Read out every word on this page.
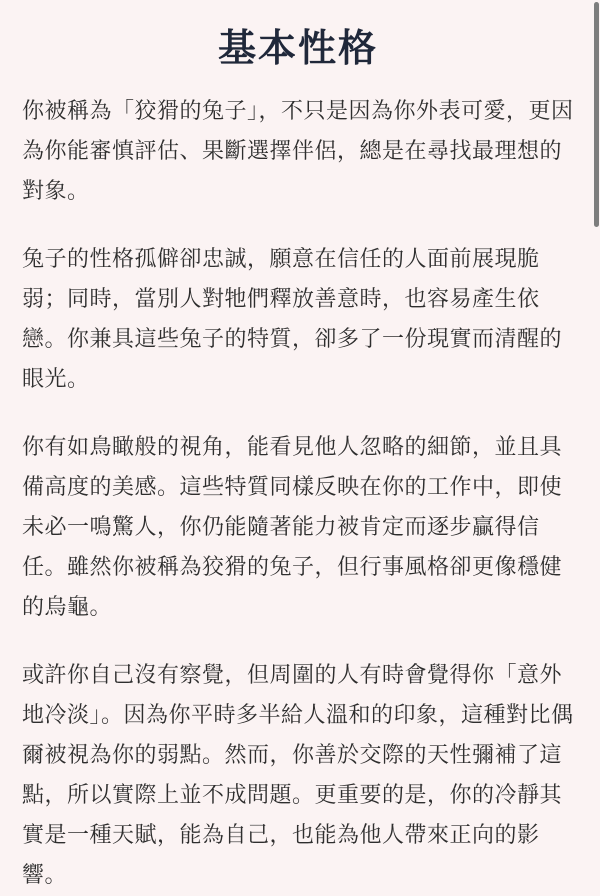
基本性格

你被稱為「狡猾的兔子」，不只是因為你外表可愛，更因為你能審慎評估、果斷選擇伴侶，總是在尋找最理想的對象。

兔子的性格孤僻卻忠誠，願意在信任的人面前展現脆弱；同時，當別人對牠們釋放善意時，也容易產生依戀。你兼具這些兔子的特質，卻多了一份現實而清醒的眼光。

你有如鳥瞰般的視角，能看見他人忽略的細節，並且具備高度的美感。這些特質同樣反映在你的工作中，即使未必一鳴驚人，你仍能隨著能力被肯定而逐步贏得信任。雖然你被稱為狡猾的兔子，但行事風格卻更像穩健的烏龜。

或許你自己沒有察覺，但周圍的人有時會覺得你「意外地冷淡」。因為你平時多半給人溫和的印象，這種對比偶爾被視為你的弱點。然而，你善於交際的天性彌補了這點，所以實際上並不成問題。更重要的是，你的冷靜其實是一種天賦，能為自己，也能為他人帶來正向的影響。
